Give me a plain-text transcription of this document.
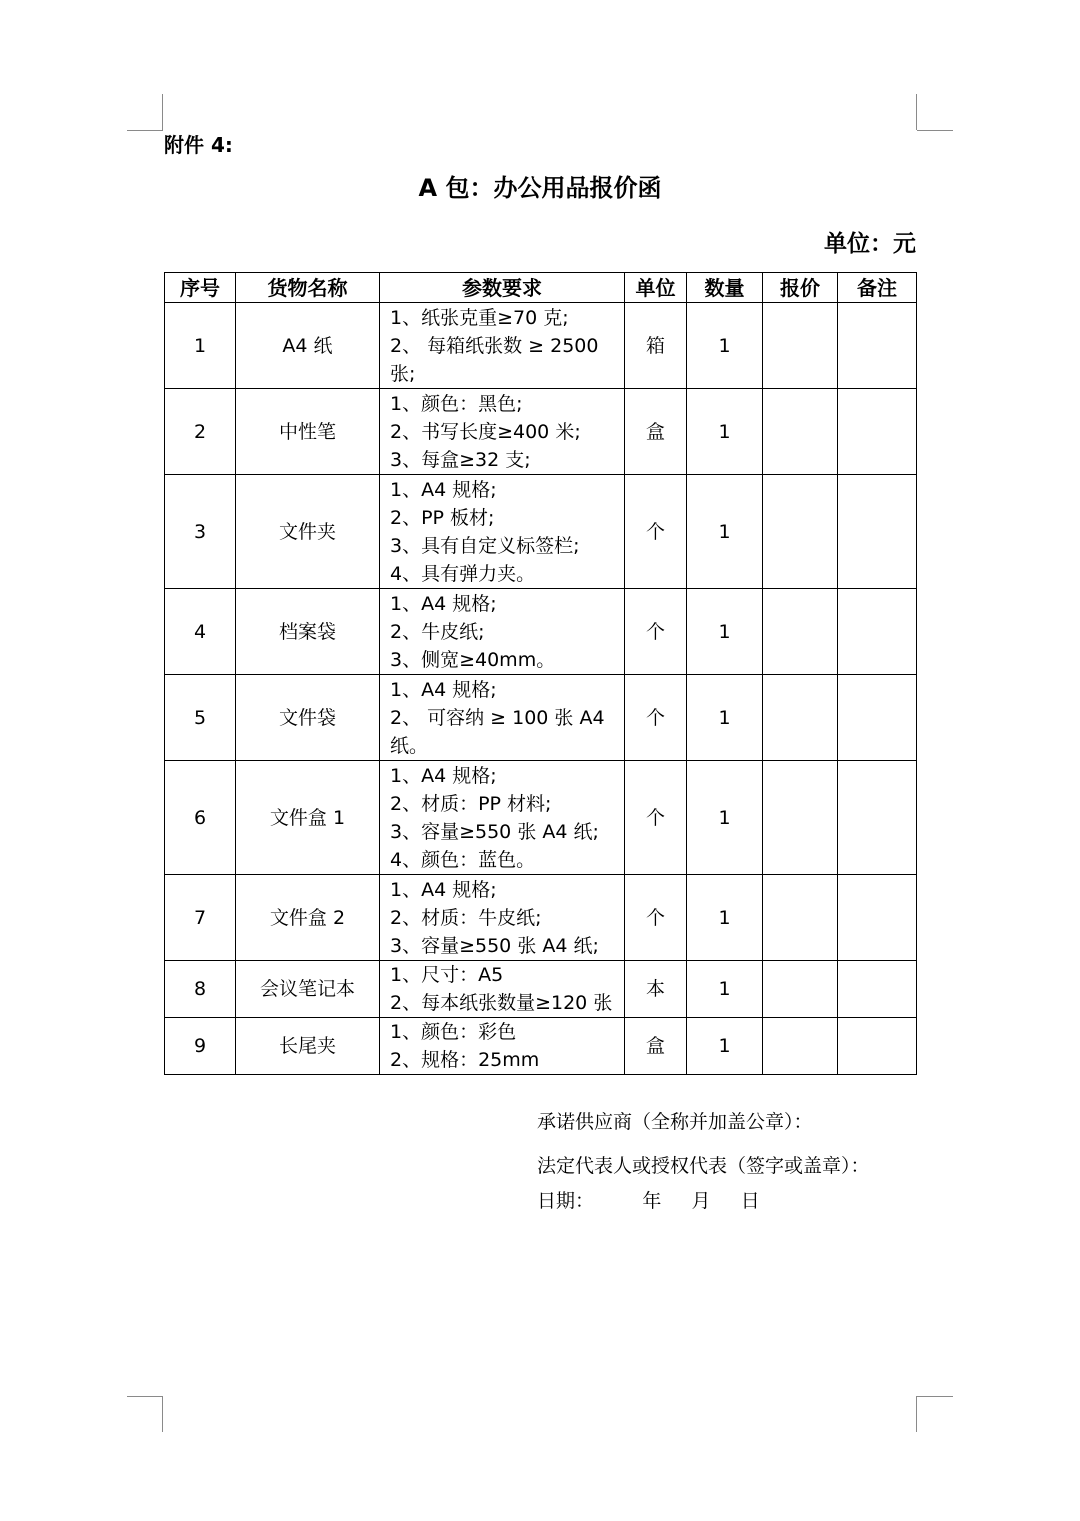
附件 4:
A 包：办公用品报价函
单位：元
序号	货物名称	参数要求	单位	数量	报价	备注
1	A4 纸	1、纸张克重≥70 克;
2、 每箱纸张数 ≥ 2500
张;	箱	1		
2	中性笔	1、颜色：黑色;
2、书写长度≥400 米;
3、每盒≥32 支;	盒	1		
3	文件夹	1、A4 规格;
2、PP 板材;
3、具有自定义标签栏;
4、具有弹力夹。	个	1		
4	档案袋	1、A4 规格;
2、牛皮纸;
3、侧宽≥40mm。	个	1		
5	文件袋	1、A4 规格;
2、 可容纳 ≥ 100 张 A4
纸。	个	1		
6	文件盒 1	1、A4 规格;
2、材质：PP 材料;
3、容量≥550 张 A4 纸;
4、颜色：蓝色。	个	1		
7	文件盒 2	1、A4 规格;
2、材质：牛皮纸;
3、容量≥550 张 A4 纸;	个	1		
8	会议笔记本	1、尺寸：A5
2、每本纸张数量≥120 张	本	1		
9	长尾夹	1、颜色：彩色
2、规格：25mm	盒	1		
承诺供应商（全称并加盖公章）：
法定代表人或授权代表（签字或盖章）：
日期：        年     月     日
